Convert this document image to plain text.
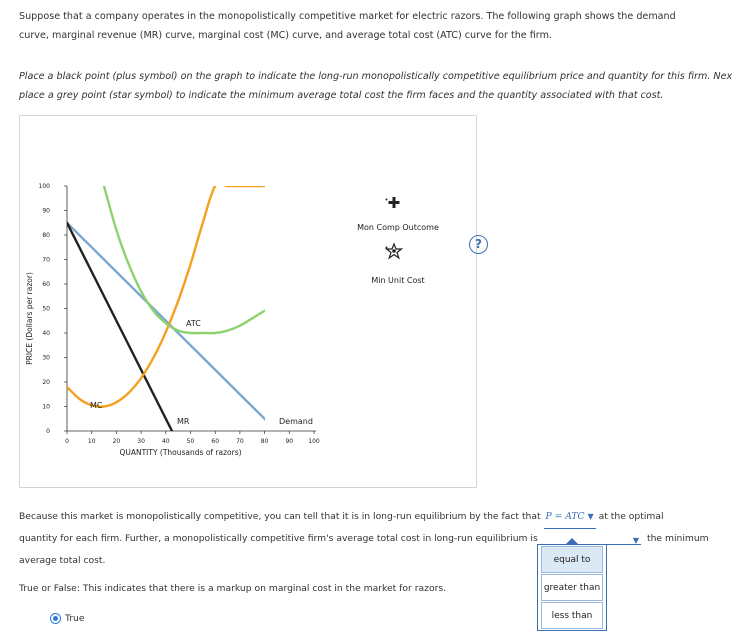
Suppose that a company operates in the monopolistically competitive market for electric razors. The following graph shows the demand curve, marginal revenue (MR) curve, marginal cost (MC) curve, and average total cost (ATC) curve for the firm.

Place a black point (plus symbol) on the graph to indicate the long-run monopolistically competitive equilibrium price and quantity for this firm. Nex
place a grey point (star symbol) to indicate the minimum average total cost the firm faces and the quantity associated with that cost.

0
10
20
30
40
50
60
70
80
90
100
0	10	20	30	40	50	60	70	80	90	100
QUANTITY (Thousands of razors)
PRICE (Dollars per razor)
MC
MR
ATC
Demand
Mon Comp Outcome
Min Unit Cost
?

Because this market is monopolistically competitive, you can tell that it is in long-run equilibrium by the fact that P = ATC ▼ at the optimal

quantity for each firm. Further, a monopolistically competitive firm's average total cost in long-run equilibrium is	▼ the minimum

average total cost.	equal to
greater than
less than

True or False: This indicates that there is a markup on marginal cost in the market for razors.

True
